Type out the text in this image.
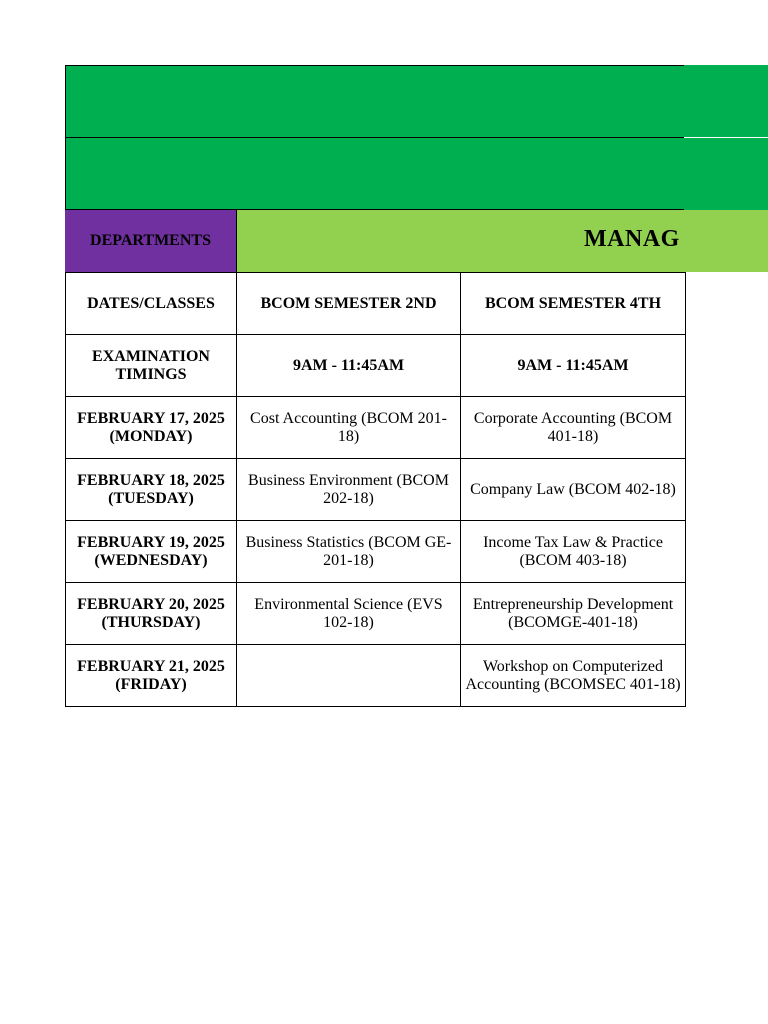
DEPARTMENTS	MANAG
DATES/CLASSES	BCOM SEMESTER 2ND	BCOM SEMESTER 4TH
EXAMINATION TIMINGS	9AM - 11:45AM	9AM - 11:45AM
FEBRUARY 17, 2025
(MONDAY)	Cost Accounting (BCOM 201-18)	Corporate Accounting (BCOM 401-18)
FEBRUARY 18, 2025
(TUESDAY)	Business Environment (BCOM 202-18)	Company Law (BCOM 402-18)
FEBRUARY 19, 2025
(WEDNESDAY)	Business Statistics (BCOM GE-201-18)	Income Tax Law & Practice (BCOM 403-18)
FEBRUARY 20, 2025
(THURSDAY)	Environmental Science (EVS 102-18)	Entrepreneurship Development (BCOMGE-401-18)
FEBRUARY 21, 2025
(FRIDAY)		Workshop on Computerized Accounting (BCOMSEC 401-18)
